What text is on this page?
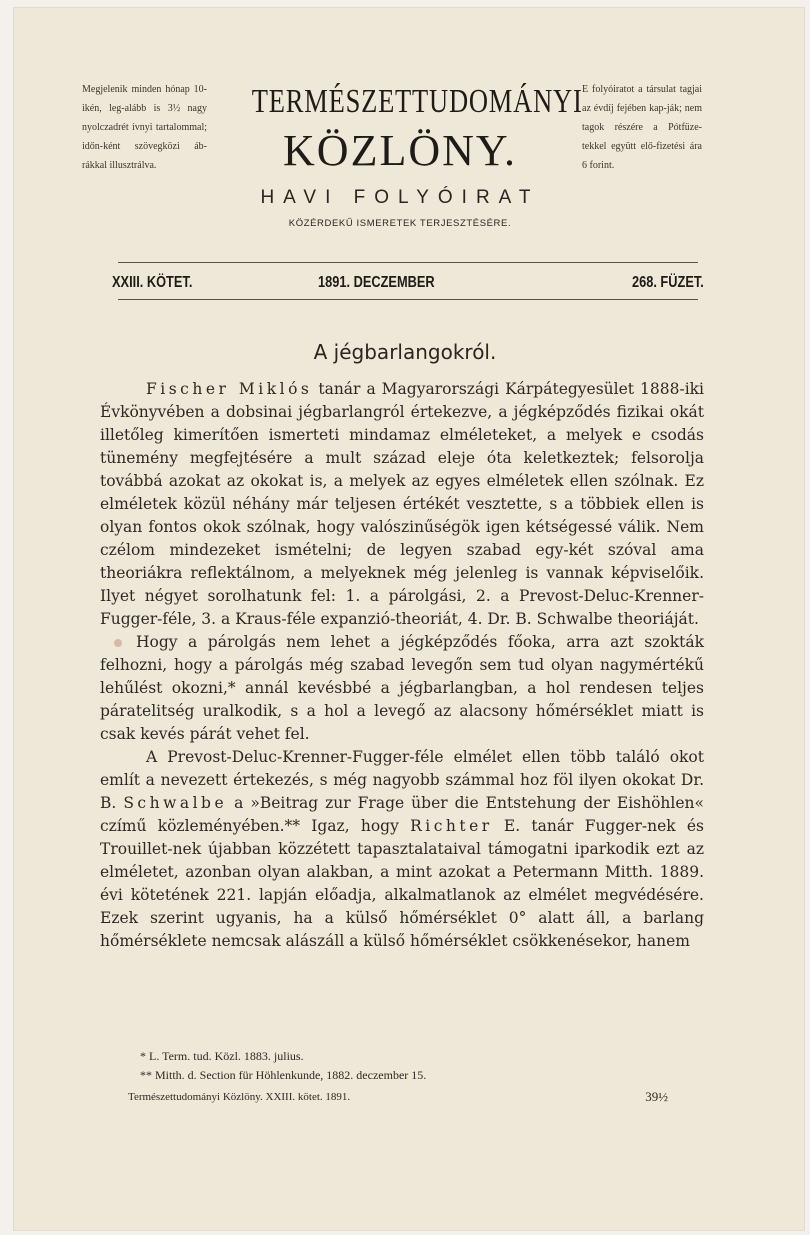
Megjelenik minden hónap 10-ikén, leg-alább is 3½ nagy nyolczadrét ívnyi tartalommal; időn-ként szövegközi áb-rákkal illusztrálva.
TERMÉSZETTUDOMÁNYI
KÖZLÖNY.
HAVI FOLYÓIRAT
KÖZÉRDEKŰ ISMERETEK TERJESZTÉSÉRE.
E folyóiratot a társulat tagjai az évdíj fejében kap-ják; nem tagok részére a Pótfüze-tekkel együtt elő-fizetési ára 6 forint.
XXIII. KÖTET.	1891. DECZEMBER	268. FÜZET.
A jégbarlangokról.

Fischer Miklós tanár a Magyarországi Kárpátegyesület 1888-iki Évkönyvében a dobsinai jégbarlangról értekezve, a jégképződés fizikai okát illetőleg kimerítően ismerteti mindamaz elméleteket, a melyek e csodás tünemény megfejtésére a mult század eleje óta keletkeztek; felsorolja továbbá azokat az okokat is, a melyek az egyes elméletek ellen szólnak. Ez elméletek közül néhány már teljesen értékét vesztette, s a többiek ellen is olyan fontos okok szólnak, hogy valószinűségök igen kétségessé válik. Nem czélom mindezeket ismételni; de legyen szabad egy-két szóval ama theoriákra reflektálnom, a melyeknek még jelenleg is vannak képviselőik. Ilyet négyet sorolhatunk fel: 1. a párolgási, 2. a Prevost-Deluc-Krenner-Fugger-féle, 3. a Kraus-féle expanzió-theoriát, 4. Dr. B. Schwalbe theoriáját.

Hogy a párolgás nem lehet a jégképződés főoka, arra azt szokták felhozni, hogy a párolgás még szabad levegőn sem tud olyan nagymértékű lehűlést okozni,* annál kevésbbé a jégbarlangban, a hol rendesen teljes páratelitség uralkodik, s a hol a levegő az alacsony hőmérséklet miatt is csak kevés párát vehet fel.

A Prevost-Deluc-Krenner-Fugger-féle elmélet ellen több találó okot említ a nevezett értekezés, s még nagyobb számmal hoz föl ilyen okokat Dr. B. Schwalbe a »Beitrag zur Frage über die Entstehung der Eishöhlen« czímű közleményében.** Igaz, hogy Richter E. tanár Fugger-nek és Trouillet-nek újabban közzétett tapasztalataival támogatni iparkodik ezt az elméletet, azonban olyan alakban, a mint azokat a Petermann Mitth. 1889. évi kötetének 221. lapján előadja, alkalmatlanok az elmélet megvédésére. Ezek szerint ugyanis, ha a külső hőmérséklet 0° alatt áll, a barlang hőmérséklete nemcsak alászáll a külső hőmérséklet csökkenésekor, hanem

* L. Term. tud. Közl. 1883. julius.
** Mitth. d. Section für Höhlenkunde, 1882. deczember 15.
Természettudományi Közlöny. XXIII. kötet. 1891.	39½
